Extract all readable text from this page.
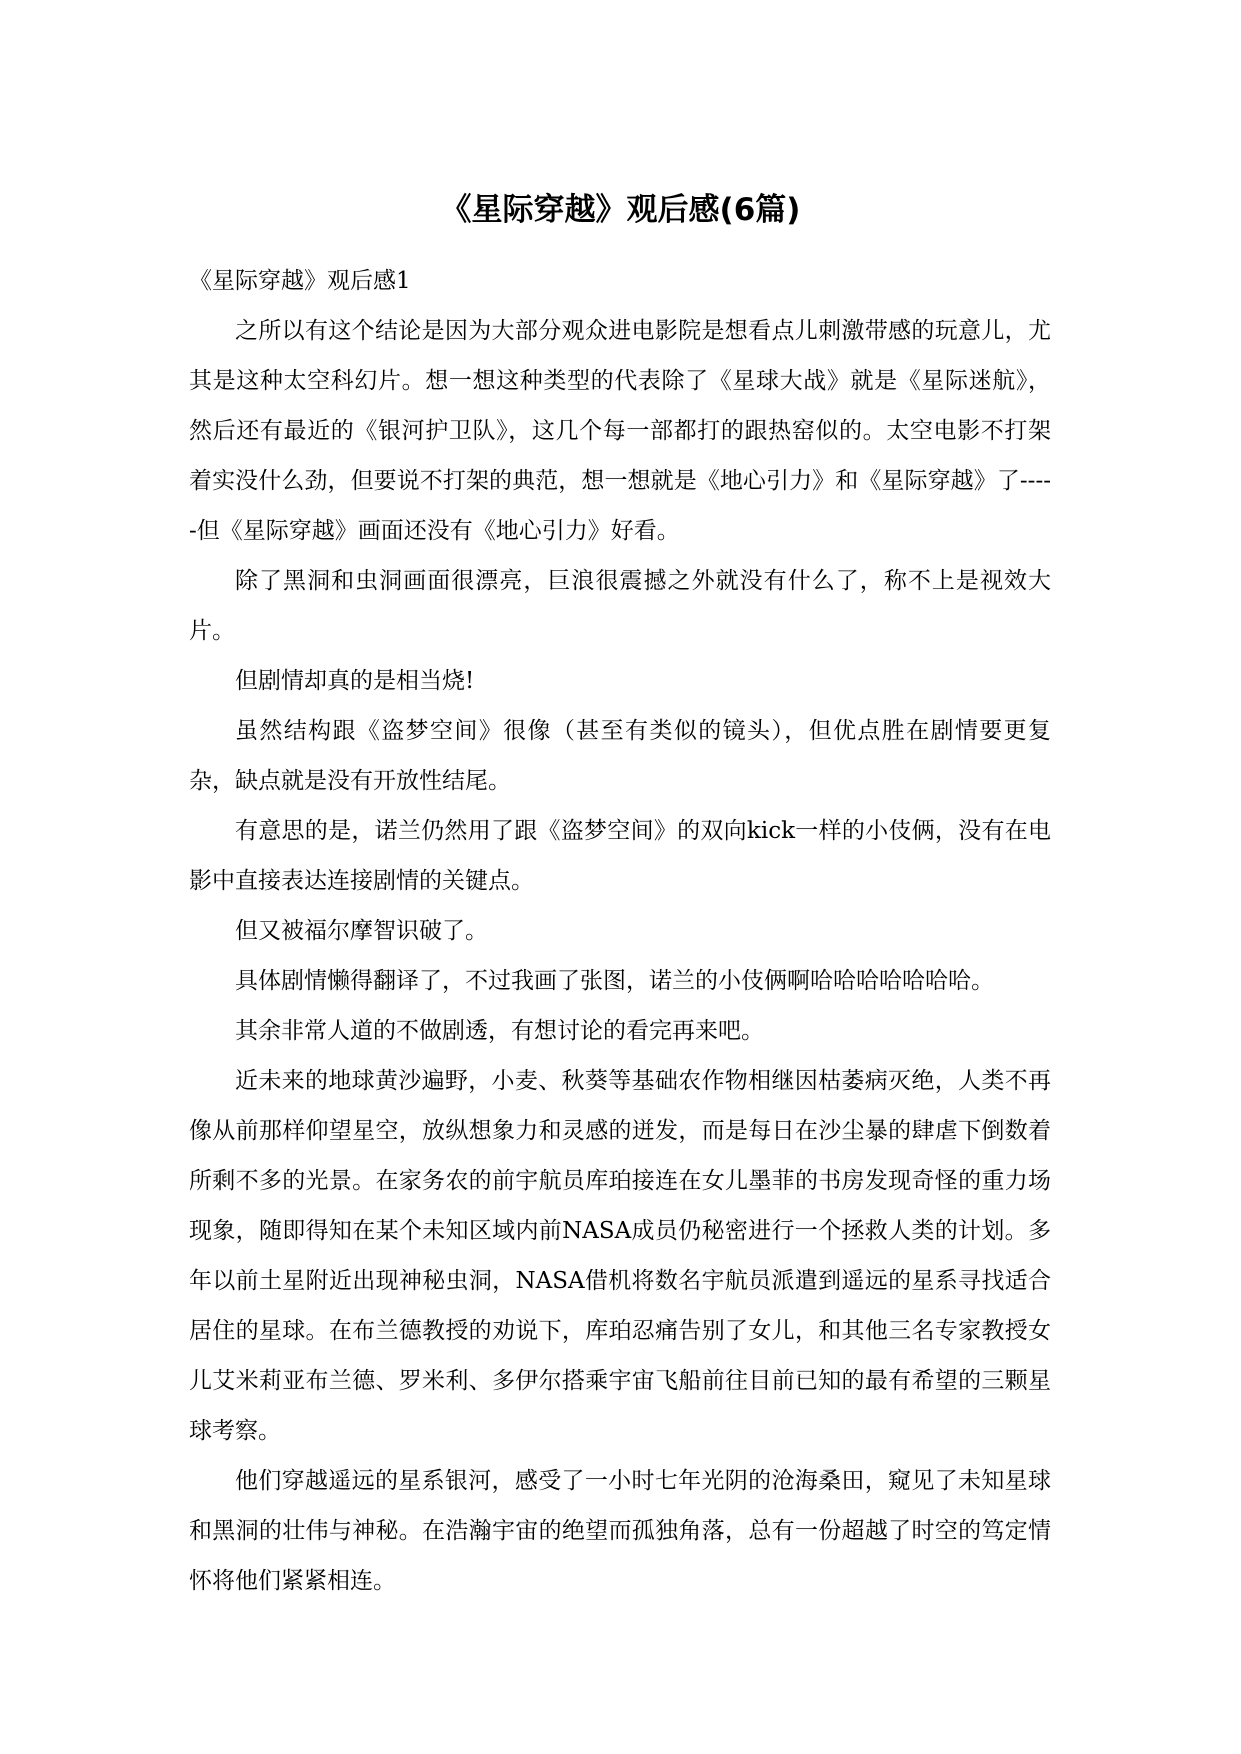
《星际穿越》观后感(6篇)

《星际穿越》观后感1

之所以有这个结论是因为大部分观众进电影院是想看点儿刺激带感的玩意儿，尤其是这种太空科幻片。想一想这种类型的代表除了《星球大战》就是《星际迷航》，然后还有最近的《银河护卫队》，这几个每一部都打的跟热窑似的。太空电影不打架着实没什么劲，但要说不打架的典范，想一想就是《地心引力》和《星际穿越》了-----但《星际穿越》画面还没有《地心引力》好看。

除了黑洞和虫洞画面很漂亮，巨浪很震撼之外就没有什么了，称不上是视效大片。

但剧情却真的是相当烧!

虽然结构跟《盗梦空间》很像（甚至有类似的镜头），但优点胜在剧情要更复杂，缺点就是没有开放性结尾。

有意思的是，诺兰仍然用了跟《盗梦空间》的双向kick一样的小伎俩，没有在电影中直接表达连接剧情的关键点。

但又被福尔摩智识破了。

具体剧情懒得翻译了，不过我画了张图，诺兰的小伎俩啊哈哈哈哈哈哈哈。

其余非常人道的不做剧透，有想讨论的看完再来吧。

近未来的地球黄沙遍野，小麦、秋葵等基础农作物相继因枯萎病灭绝，人类不再像从前那样仰望星空，放纵想象力和灵感的迸发，而是每日在沙尘暴的肆虐下倒数着所剩不多的光景。在家务农的前宇航员库珀接连在女儿墨菲的书房发现奇怪的重力场现象，随即得知在某个未知区域内前NASA成员仍秘密进行一个拯救人类的计划。多年以前土星附近出现神秘虫洞，NASA借机将数名宇航员派遣到遥远的星系寻找适合居住的星球。在布兰德教授的劝说下，库珀忍痛告别了女儿，和其他三名专家教授女儿艾米莉亚布兰德、罗米利、多伊尔搭乘宇宙飞船前往目前已知的最有希望的三颗星球考察。

他们穿越遥远的星系银河，感受了一小时七年光阴的沧海桑田，窥见了未知星球和黑洞的壮伟与神秘。在浩瀚宇宙的绝望而孤独角落，总有一份超越了时空的笃定情怀将他们紧紧相连。
